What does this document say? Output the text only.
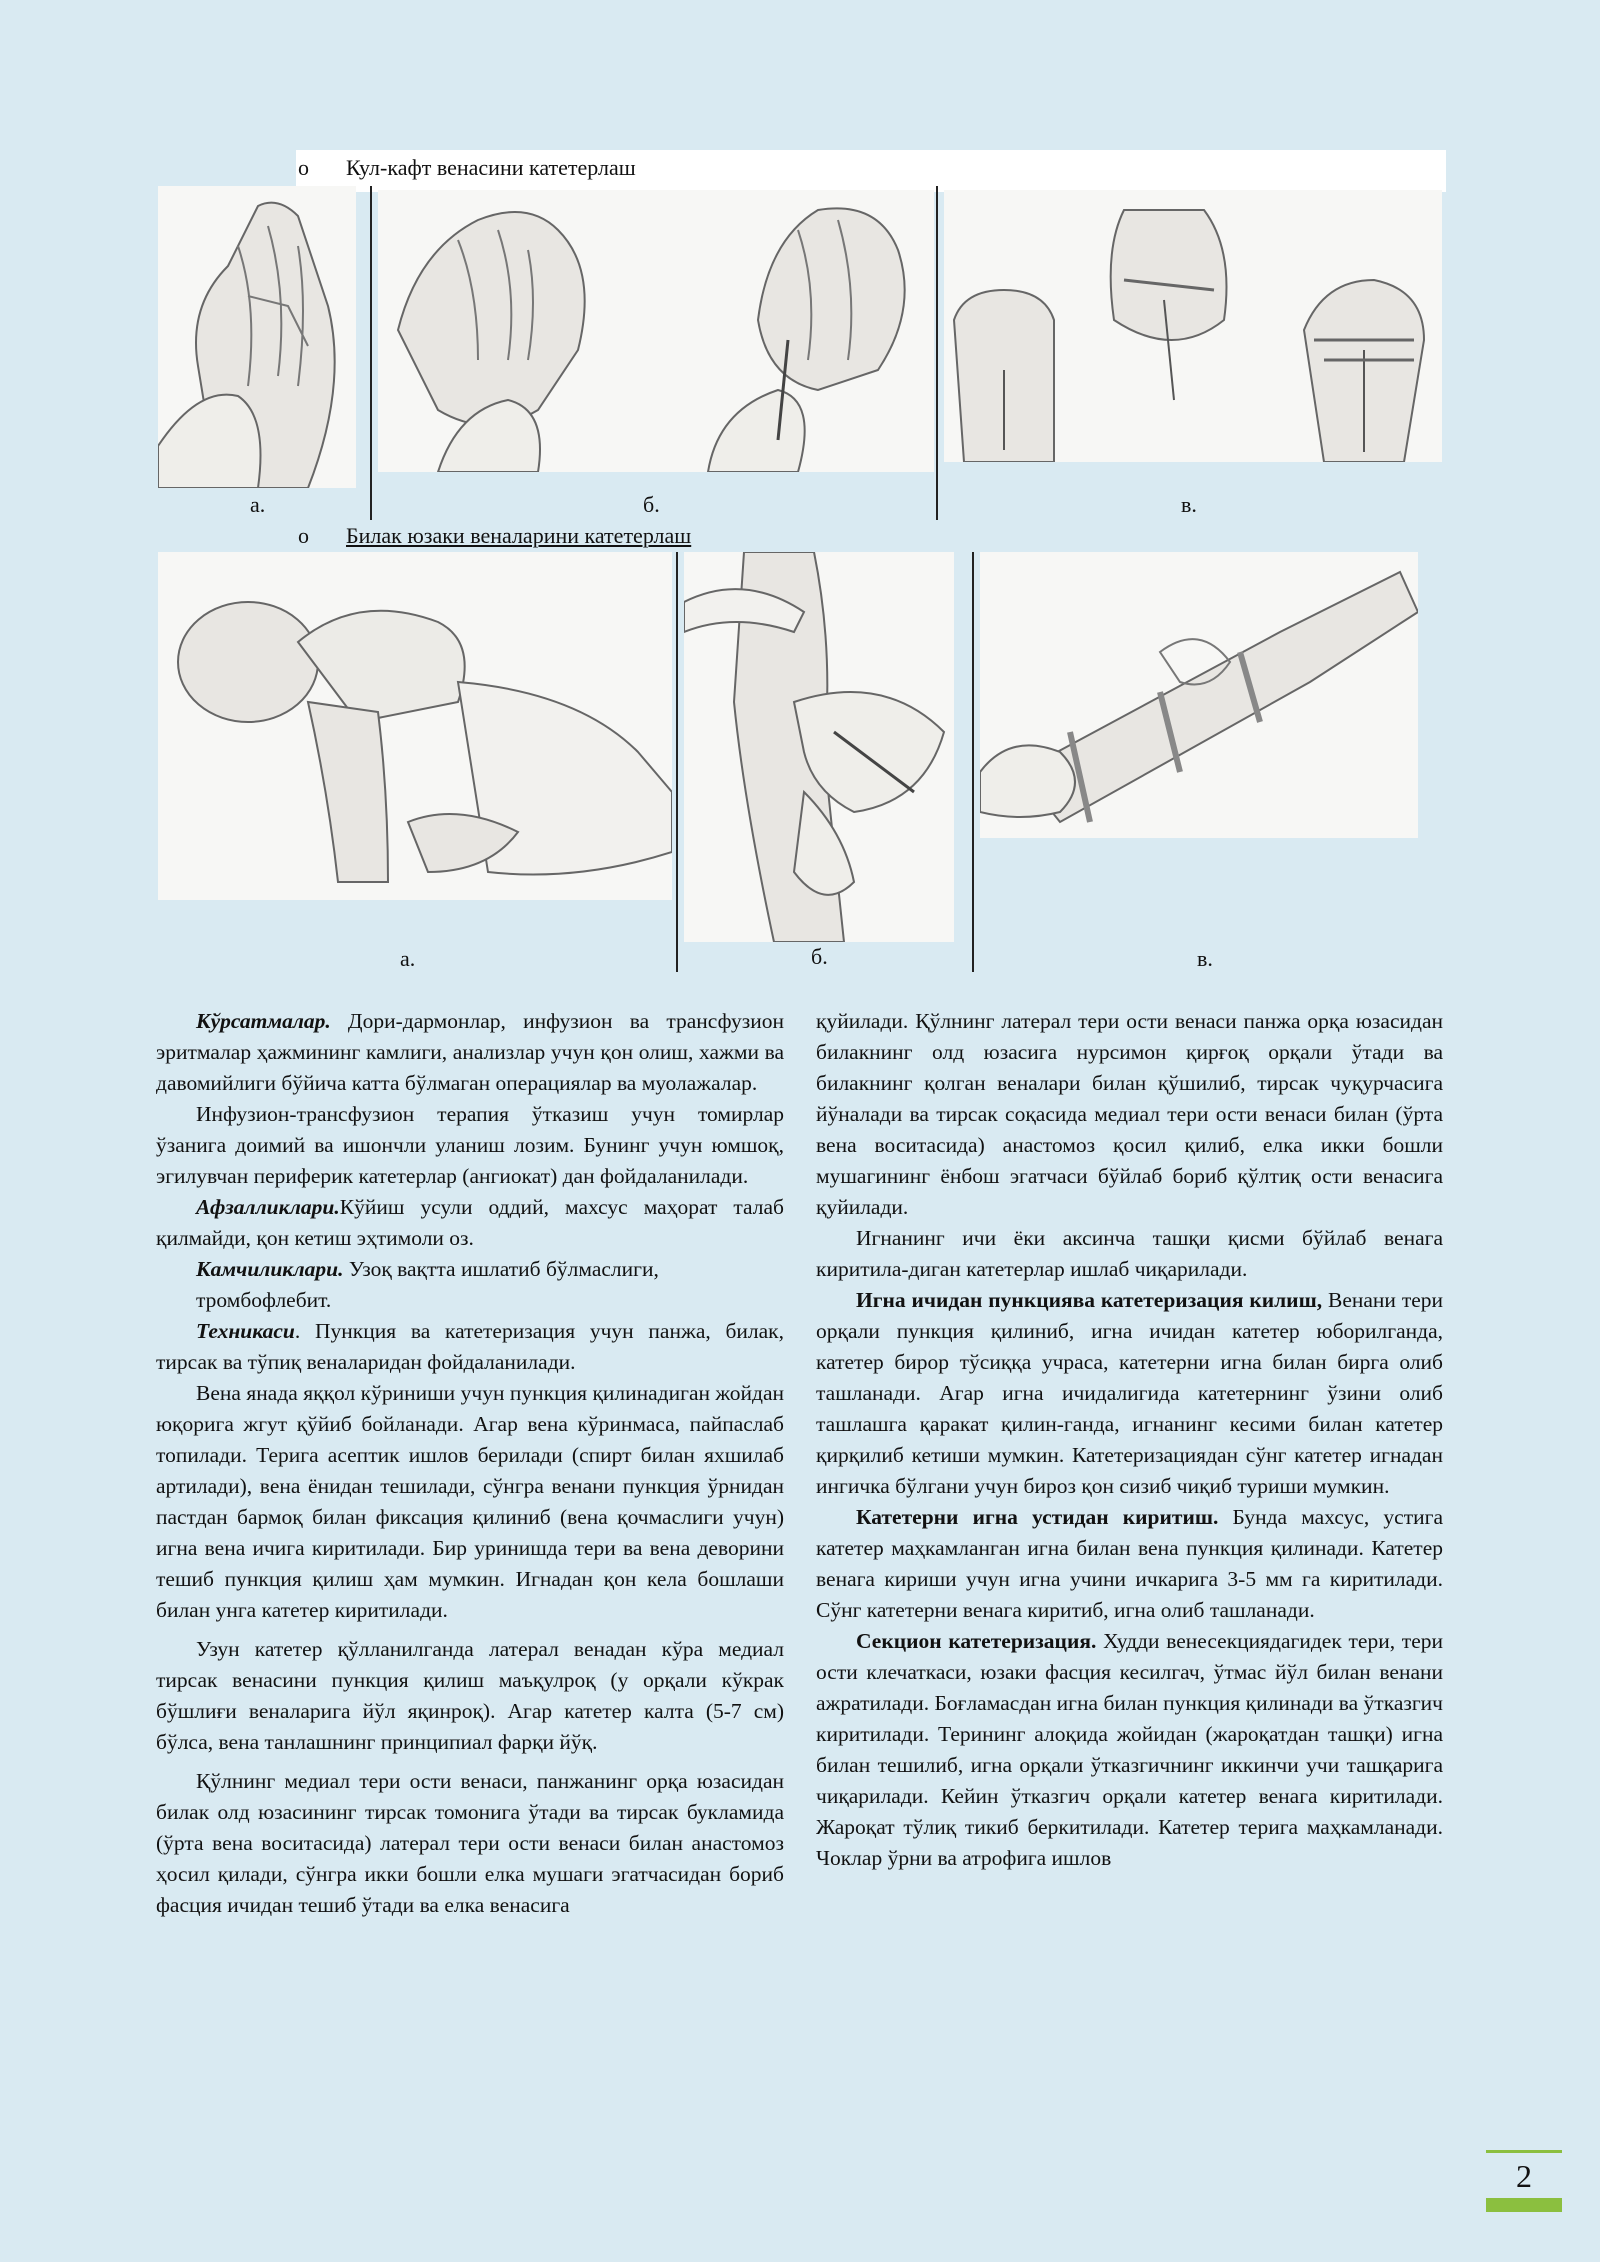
o Кул-кафт венасини катетерлаш
а.	б.	в.
o Билак юзаки веналарини катетерлаш
а.	б.	в.

Кўрсатмалар. Дори-дармонлар, инфузион ва трансфузион эритмалар ҳажмининг камлиги, анализлар учун қон олиш, хажми ва давомийлиги бўйича катта бўлмаган операциялар ва муолажалар.

Инфузион-трансфузион терапия ўтказиш учун томирлар ўзанига доимий ва ишончли уланиш лозим. Бунинг учун юмшоқ, эгилувчан периферик катетерлар (ангиокат) дан фойдаланилади.

Афзалликлари.Кўйиш усули оддий, махсус маҳорат талаб қилмайди, қон кетиш эҳтимоли оз.

Камчиликлари. Узоқ вақтта ишлатиб бўлмаслиги, тромбофлебит.

Техникаси. Пункция ва катетеризация учун панжа, билак, тирсак ва тўпиқ веналаридан фойдаланилади.

Вена янада яққол кўриниши учун пункция қилинадиган жойдан юқорига жгут қўйиб бойланади. Агар вена кўринмаса, пайпаслаб топилади. Терига асептик ишлов берилади (спирт билан яхшилаб артилади), вена ёнидан тешилади, сўнгра венани пункция ўрнидан пастдан бармоқ билан фиксация қилиниб (вена қочмаслиги учун) игна вена ичига киритилади. Бир уринишда тери ва вена деворини тешиб пункция қилиш ҳам мумкин. Игнадан қон кела бошлаши билан унга катетер киритилади.

Узун катетер қўлланилганда латерал венадан кўра медиал тирсак венасини пункция қилиш маъқулроқ (у орқали кўкрак бўшлиғи веналарига йўл яқинроқ). Агар катетер калта (5-7 см) бўлса, вена танлашнинг принципиал фарқи йўқ.

Қўлнинг медиал тери ости венаси, панжанинг орқа юзасидан билак олд юзасининг тирсак томонига ўтади ва тирсак букламида (ўрта вена воситасида) латерал тери ости венаси билан анастомоз ҳосил қилади, сўнгра икки бошли елка мушаги эгатчасидан бориб фасция ичидан тешиб ўтади ва елка венасига

қуйилади. Қўлнинг латерал тери ости венаси панжа орқа юзасидан билакнинг олд юзасига нурсимон қирғоқ орқали ўтади ва билакнинг қолган веналари билан қўшилиб, тирсак чуқурчасига йўналади ва тирсак соқасида медиал тери ости венаси билан (ўрта вена воситасида) анастомоз қосил қилиб, елка икки бошли мушагининг ёнбош эгатчаси бўйлаб бориб қўлтиқ ости венасига қуйилади.

Игнанинг ичи ёки аксинча ташқи қисми бўйлаб венага киритила-диган катетерлар ишлаб чиқарилади.

Игна ичидан пункциява катетеризация килиш, Венани тери орқали пункция қилиниб, игна ичидан катетер юборилганда, катетер бирор тўсиққа учраса, катетерни игна билан бирга олиб ташланади. Агар игна ичидалигида катетернинг ўзини олиб ташлашга қаракат қилин-ганда, игнанинг кесими билан катетер қирқилиб кетиши мумкин. Катетеризациядан сўнг катетер игнадан ингичка бўлгани учун бироз қон сизиб чиқиб туриши мумкин.

Катетерни игна устидан киритиш. Бунда махсус, устига катетер маҳкамланган игна билан вена пункция қилинади. Катетер венага кириши учун игна учини ичкарига 3-5 мм га киритилади. Сўнг катетерни венага киритиб, игна олиб ташланади.

Секцион катетеризация. Худди венесекциядагидек тери, тери ости клечаткаси, юзаки фасция кесилгач, ўтмас йўл билан венани ажратилади. Боғламасдан игна билан пункция қилинади ва ўтказгич киритилади. Терининг алоқида жойидан (жароқатдан ташқи) игна билан тешилиб, игна орқали ўтказгичнинг иккинчи учи ташқарига чиқарилади. Кейин ўтказгич орқали катетер венага киритилади. Жароқат тўлиқ тикиб беркитилади. Катетер терига маҳкамланади. Чоклар ўрни ва атрофига ишлов

2
